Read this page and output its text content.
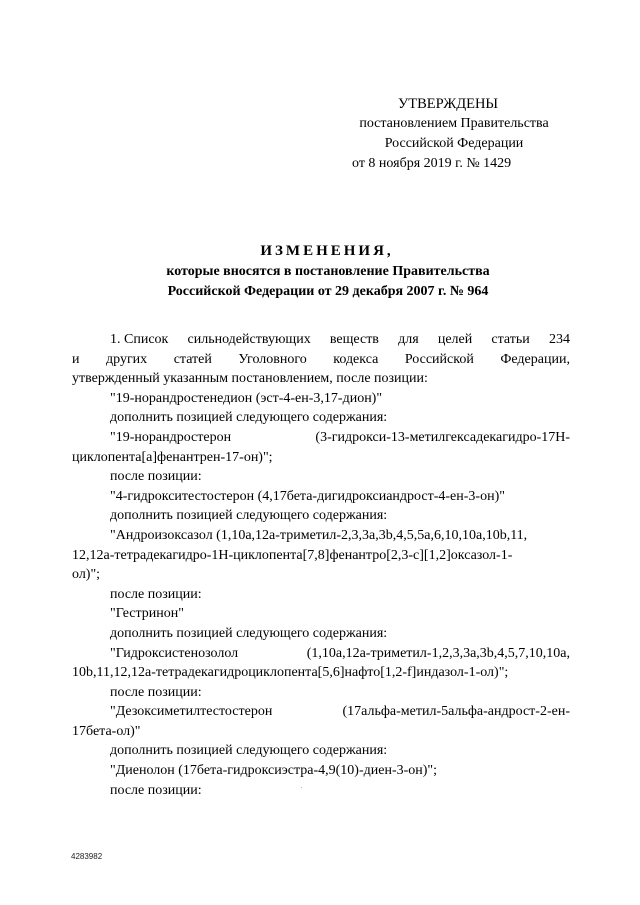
УТВЕРЖДЕНЫ
постановлением Правительства
Российской Федерации
от 8 ноября 2019 г. № 1429
ИЗМЕНЕНИЯ,
которые вносятся в постановление Правительства
Российской Федерации от 29 декабря 2007 г. № 964
1. Список сильнодействующих веществ для целей статьи 234
и других статей Уголовного кодекса Российской Федерации,
утвержденный указанным постановлением, после позиции:
"19-норандростенедион (эст-4-ен-3,17-дион)"
дополнить позицией следующего содержания:
"19-норандростерон	(3-гидрокси-13-метилгексадекагидро-17Н-
циклопента[а]фенантрен-17-он)";
после позиции:
"4-гидрокситестостерон (4,17бета-дигидроксиандрост-4-ен-3-он)"
дополнить позицией следующего содержания:
"Андроизоксазол (1,10а,12а-триметил-2,3,3а,3b,4,5,5а,6,10,10а,10b,11,
12,12а-тетрадекагидро-1Н-циклопента[7,8]фенантро[2,3-с][1,2]оксазол-1-
ол)";
после позиции:
"Гестринон"
дополнить позицией следующего содержания:
"Гидроксистенозолол	(1,10а,12а-триметил-1,2,3,3а,3b,4,5,7,10,10а,
10b,11,12,12а-тетрадекагидроциклопента[5,6]нафто[1,2-f]индазол-1-ол)";
после позиции:
"Дезоксиметилтестостерон	(17альфа-метил-5альфа-андрост-2-ен-
17бета-ол)"
дополнить позицией следующего содержания:
"Диенолон (17бета-гидроксиэстра-4,9(10)-диен-3-он)";
после позиции:
4283982
